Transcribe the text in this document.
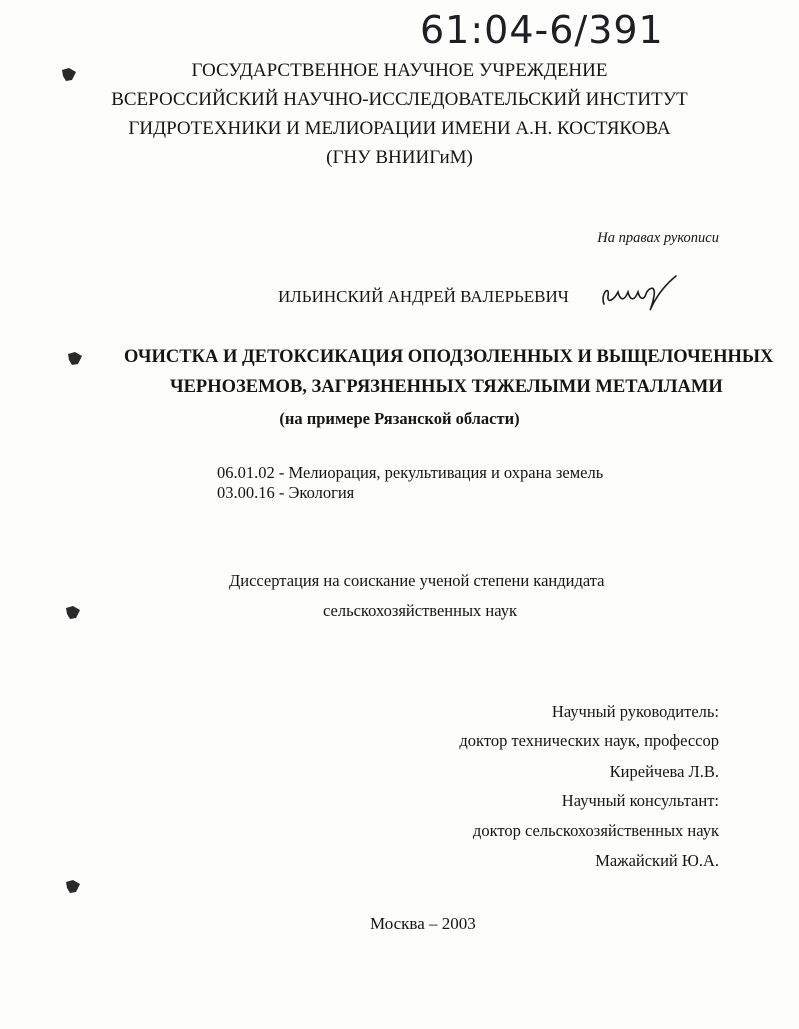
61:04-6/391
ГОСУДАРСТВЕННОЕ НАУЧНОЕ УЧРЕЖДЕНИЕ
ВСЕРОССИЙСКИЙ НАУЧНО-ИССЛЕДОВАТЕЛЬСКИЙ ИНСТИТУТ
ГИДРОТЕХНИКИ И МЕЛИОРАЦИИ ИМЕНИ А.Н. КОСТЯКОВА
(ГНУ ВНИИГиМ)
На правах рукописи
ИЛЬИНСКИЙ АНДРЕЙ ВАЛЕРЬЕВИЧ
ОЧИСТКА И ДЕТОКСИКАЦИЯ ОПОДЗОЛЕННЫХ И ВЫЩЕЛОЧЕННЫХ
ЧЕРНОЗЕМОВ, ЗАГРЯЗНЕННЫХ ТЯЖЕЛЫМИ МЕТАЛЛАМИ
(на примере Рязанской области)
06.01.02 - Мелиорация, рекультивация и охрана земель
03.00.16 - Экология
Диссертация на соискание ученой степени кандидата
сельскохозяйственных наук
Научный руководитель:
доктор технических наук, профессор
Кирейчева Л.В.
Научный консультант:
доктор сельскохозяйственных наук
Мажайский Ю.А.
Москва – 2003
